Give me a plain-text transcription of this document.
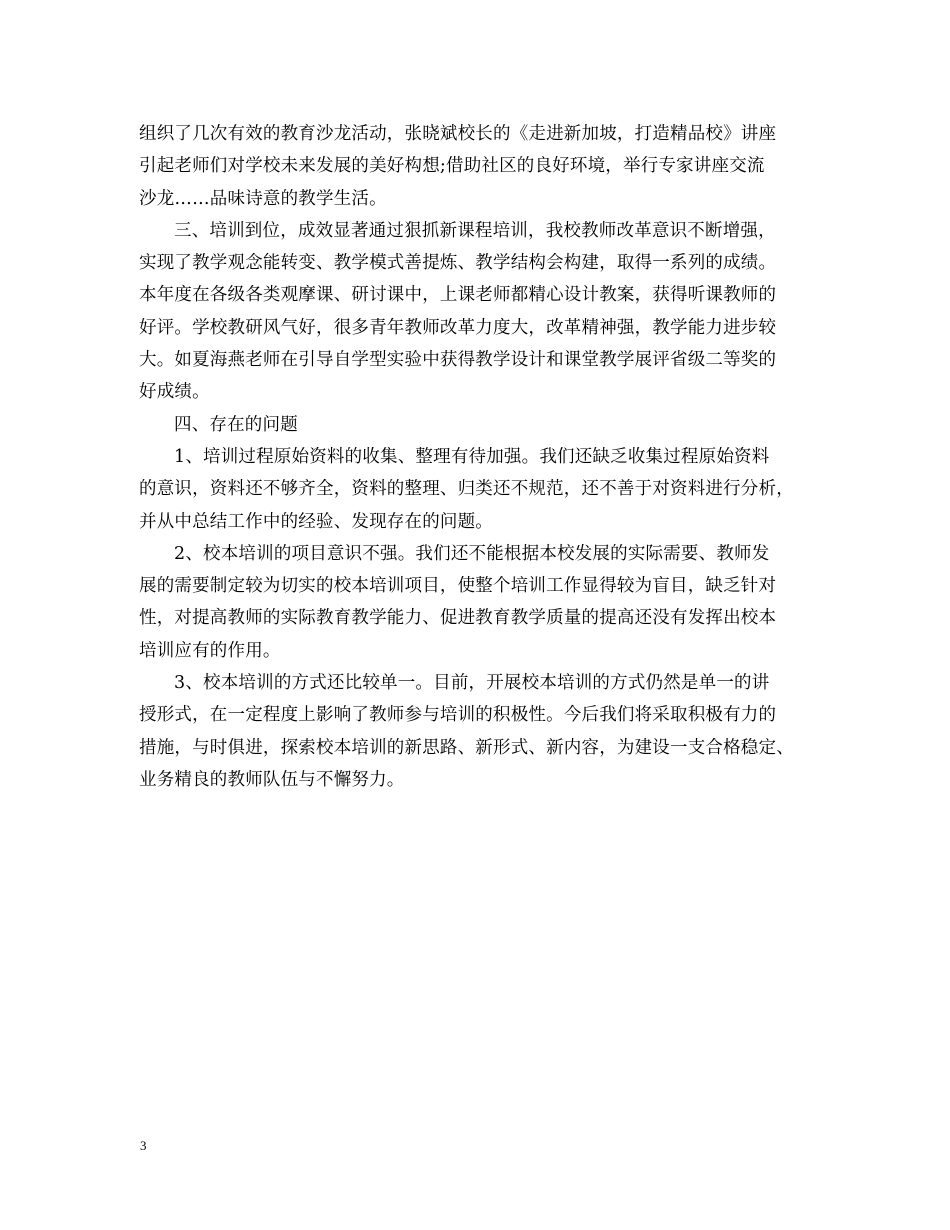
组织了几次有效的教育沙龙活动，张晓斌校长的《走进新加坡，打造精品校》讲座
引起老师们对学校未来发展的美好构想;借助社区的良好环境，举行专家讲座交流
沙龙……品味诗意的教学生活。
三、培训到位，成效显著通过狠抓新课程培训，我校教师改革意识不断增强，
实现了教学观念能转变、教学模式善提炼、教学结构会构建，取得一系列的成绩。
本年度在各级各类观摩课、研讨课中，上课老师都精心设计教案，获得听课教师的
好评。学校教研风气好，很多青年教师改革力度大，改革精神强，教学能力进步较
大。如夏海燕老师在引导自学型实验中获得教学设计和课堂教学展评省级二等奖的
好成绩。
四、存在的问题
1、培训过程原始资料的收集、整理有待加强。我们还缺乏收集过程原始资料
的意识，资料还不够齐全，资料的整理、归类还不规范，还不善于对资料进行分析，
并从中总结工作中的经验、发现存在的问题。
2、校本培训的项目意识不强。我们还不能根据本校发展的实际需要、教师发
展的需要制定较为切实的校本培训项目，使整个培训工作显得较为盲目，缺乏针对
性，对提高教师的实际教育教学能力、促进教育教学质量的提高还没有发挥出校本
培训应有的作用。
3、校本培训的方式还比较单一。目前，开展校本培训的方式仍然是单一的讲
授形式，在一定程度上影响了教师参与培训的积极性。今后我们将采取积极有力的
措施，与时俱进，探索校本培训的新思路、新形式、新内容，为建设一支合格稳定、
业务精良的教师队伍与不懈努力。
3
